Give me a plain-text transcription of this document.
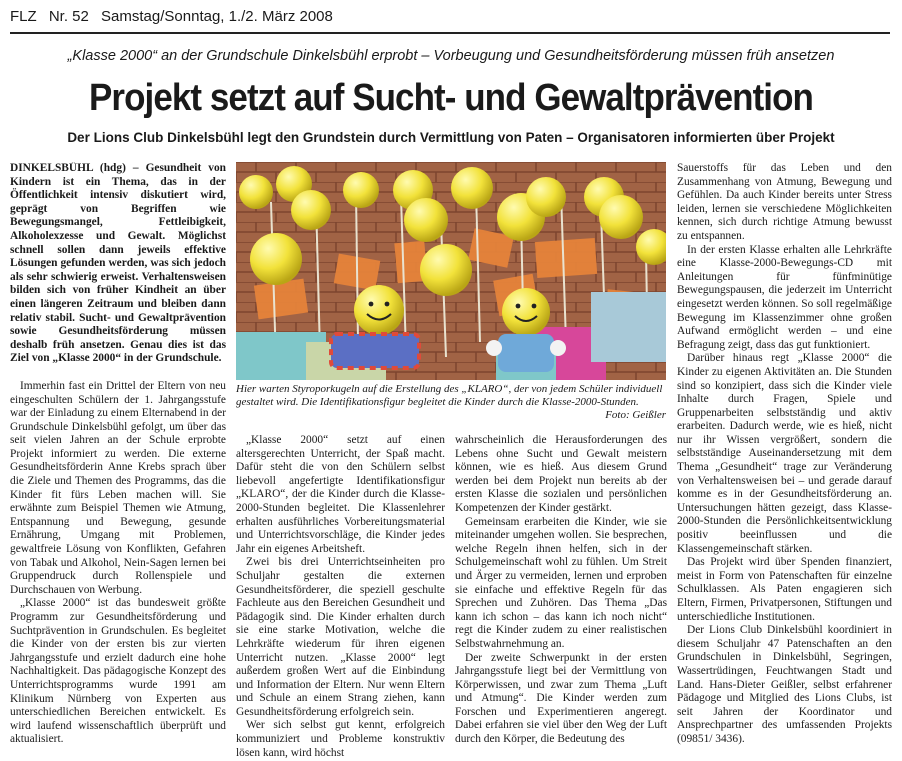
FLZ Nr. 52 Samstag/Sonntag, 1./2. März 2008
„Klasse 2000“ an der Grundschule Dinkelsbühl erprobt – Vorbeugung und Gesundheitsförderung müssen früh ansetzen
Projekt setzt auf Sucht- und Gewaltprävention
Der Lions Club Dinkelsbühl legt den Grundstein durch Vermittlung von Paten – Organisatoren informierten über Projekt

DINKELSBÜHL (hdg) – Gesundheit von Kindern ist ein Thema, das in der Öffentlichkeit intensiv diskutiert wird, geprägt von Begriffen wie Bewegungsmangel, Fettleibigkeit, Alkoholexzesse und Gewalt. Möglichst schnell sollen dann jeweils effektive Lösungen gefunden werden, was sich jedoch als sehr schwierig erweist. Verhaltensweisen bilden sich von früher Kindheit an über einen längeren Zeitraum und bleiben dann relativ stabil. Sucht- und Gewaltprävention sowie Gesundheitsförderung müssen deshalb früh ansetzen. Genau dies ist das Ziel von „Klasse 2000“ in der Grundschule.

Immerhin fast ein Drittel der Eltern von neu eingeschulten Schülern der 1. Jahrgangsstufe war der Einladung zu einem Elternabend in der Grundschule Dinkelsbühl gefolgt, um über das seit vielen Jahren an der Schule erprobte Projekt informiert zu werden. Die externe Gesundheitsförderin Anne Krebs sprach über die Ziele und Themen des Programms, das die Kinder fit fürs Leben machen will. Sie erwähnte zum Beispiel Themen wie Atmung, Entspannung und Bewegung, gesunde Ernährung, Umgang mit Problemen, gewaltfreie Lösung von Konflikten, Gefahren von Tabak und Alkohol, Nein-Sagen lernen bei Gruppendruck durch Rollenspiele und Durchschauen von Werbung.

„Klasse 2000“ ist das bundesweit größte Programm zur Gesundheitsförderung und Suchtprävention in Grundschulen. Es begleitet die Kinder von der ersten bis zur vierten Jahrgangsstufe und erzielt dadurch eine hohe Nachhaltigkeit. Das pädagogische Konzept des Unterrichtsprogramms wurde 1991 am Klinikum Nürnberg von Experten aus unterschiedlichen Bereichen entwickelt. Es wird laufend wissenschaftlich überprüft und aktualisiert.

Hier warten Styroporkugeln auf die Erstellung des „KLARO“, der von jedem Schüler individuell gestaltet wird. Die Identifikationsfigur begleitet die Kinder durch die Klasse-2000-Stunden.
Foto: Geißler

„Klasse 2000“ setzt auf einen altersgerechten Unterricht, der Spaß macht. Dafür steht die von den Schülern selbst liebevoll angefertigte Identifikationsfigur „KLARO“, der die Kinder durch die Klasse-2000-Stunden begleitet. Die Klassenlehrer erhalten ausführliches Vorbereitungsmaterial und Unterrichtsvorschläge, die Kinder jedes Jahr ein eigenes Arbeitsheft.

Zwei bis drei Unterrichtseinheiten pro Schuljahr gestalten die externen Gesundheitsförderer, die speziell geschulte Fachleute aus den Bereichen Gesundheit und Pädagogik sind. Die Kinder erhalten durch sie eine starke Motivation, welche die Lehrkräfte wiederum für ihren eigenen Unterricht nutzen. „Klasse 2000“ legt außerdem großen Wert auf die Einbindung und Information der Eltern. Nur wenn Eltern und Schule an einem Strang ziehen, kann Gesundheitsförderung erfolgreich sein.

Wer sich selbst gut kennt, erfolgreich kommuniziert und Probleme konstruktiv lösen kann, wird höchst

wahrscheinlich die Herausforderungen des Lebens ohne Sucht und Gewalt meistern können, wie es hieß. Aus diesem Grund werden bei dem Projekt nun bereits ab der ersten Klasse die sozialen und persönlichen Kompetenzen der Kinder gestärkt.

Gemeinsam erarbeiten die Kinder, wie sie miteinander umgehen wollen. Sie besprechen, welche Regeln ihnen helfen, sich in der Schulgemeinschaft wohl zu fühlen. Um Streit und Ärger zu vermeiden, lernen und erproben sie einfache und effektive Regeln für das Sprechen und Zuhören. Das Thema „Das kann ich schon – das kann ich noch nicht“ regt die Kinder zudem zu einer realistischen Selbstwahrnehmung an.

Der zweite Schwerpunkt in der ersten Jahrgangsstufe liegt bei der Vermittlung von Körperwissen, und zwar zum Thema „Luft und Atmung“. Die Kinder werden zum Forschen und Experimentieren angeregt. Dabei erfahren sie viel über den Weg der Luft durch den Körper, die Bedeutung des

Sauerstoffs für das Leben und den Zusammenhang von Atmung, Bewegung und Gefühlen. Da auch Kinder bereits unter Stress leiden, lernen sie verschiedene Möglichkeiten kennen, sich durch richtige Atmung bewusst zu entspannen.

In der ersten Klasse erhalten alle Lehrkräfte eine Klasse-2000-Bewegungs-CD mit Anleitungen für fünfminütige Bewegungspausen, die jederzeit im Unterricht eingesetzt werden können. So soll regelmäßige Bewegung im Klassenzimmer ohne großen Aufwand ermöglicht werden – und eine Befragung zeigt, dass das gut funktioniert.

Darüber hinaus regt „Klasse 2000“ die Kinder zu eigenen Aktivitäten an. Die Stunden sind so konzipiert, dass sich die Kinder viele Inhalte durch Fragen, Spiele und Gruppenarbeiten selbstständig und aktiv erarbeiten. Dadurch werde, wie es hieß, nicht nur ihr Wissen vergrößert, sondern die selbstständige Auseinandersetzung mit dem Thema „Gesundheit“ trage zur Veränderung von Verhaltensweisen bei – und gerade darauf komme es in der Gesundheitsförderung an. Untersuchungen hätten gezeigt, dass Klasse-2000-Stunden die Persönlichkeitsentwicklung positiv beeinflussen und die Klassengemeinschaft stärken.

Das Projekt wird über Spenden finanziert, meist in Form von Patenschaften für einzelne Schulklassen. Als Paten engagieren sich Eltern, Firmen, Privatpersonen, Stiftungen und unterschiedliche Institutionen.

Der Lions Club Dinkelsbühl koordiniert in diesem Schuljahr 47 Patenschaften an den Grundschulen in Dinkelsbühl, Segringen, Wassertrüdingen, Feuchtwangen Stadt und Land. Hans-Dieter Geißler, selbst erfahrener Pädagoge und Mitglied des Lions Clubs, ist seit Jahren der Koordinator und Ansprechpartner des umfassenden Projekts (09851/ 3436).
